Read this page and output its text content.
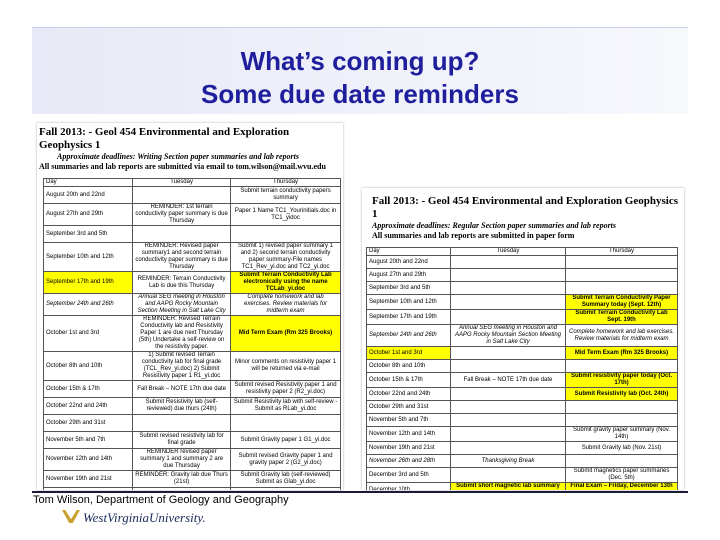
What’s coming up?
Some due date reminders
Fall 2013: - Geol 454 Environmental and Exploration Geophysics 1
Approximate deadlines: Writing Section paper summaries and lab reports
All summaries and lab reports are submitted via email to tom.wilson@mail.wvu.edu
Day	Tuesday	Thursday
August 20th and 22nd		Submit terrain conductivity papers summary
August 27th and 29th	REMINDER: 1st terrain conductivity paper summary is due Thursday	Paper 1 Name TC1_Yourinitials.doc in TC1_yidoc
September 3rd and 5th		
September 10th and 12th	REMINDER: Revised paper summary1 and second terrain conductivity paper summary is due Thursday	Submit 1) revised paper summary 1 and 2) second terrain conductivity paper summary-File names TC1_Rev_yi.doc and TC2_yi.doc
September 17th and 19th	REMINDER: Terrain Conductivity Lab is due this Thursday	Submit Terrain Conductivity Lab electronically using the name TCLab_yi.doc
September 24th and 26th	Annual SEG meeting in Houston and AAPG Rocky Mountain Section Meeting in Salt Lake City	Complete homework and lab exercises. Review materials for midterm exam
October 1st and 3rd	REMINDER: Revised Terrain Conductivity lab and Resistivity Paper 1 are due next Thursday (5th) Undertake a self-review on the resistivity paper.	Mid Term Exam (Rm 325 Brooks)
October 8th and 10th	1) Submit revised Terrain conductivity lab for final grade (TCL_Rev_yi.doc) 2) Submit Resistivity paper 1 R1_yi.doc	Minor comments on resistivity paper 1 will be returned via e-mail
October 15th & 17th	Fall Break – NOTE 17th due date	Submit revised Resistivity paper 1 and resistivity paper 2 (R2_yi.doc)
October 22nd and 24th	Submit Resistivity lab (self-reviewed) due thurs (24th)	Submit Resistivity lab with self-review - Submit as RLab_yi.doc
October 29th and 31st		
November 5th and 7th	Submit revised resistivity lab for final grade	Submit Gravity paper 1 G1_yi.doc
November 12th and 14th	REMINDER revised paper summary 1 and summary 2 are due Thursday	Submit revised Gravity paper 1 and gravity paper 2 (G2_yi.doc)
November 19th and 21st	REMINDER: Gravity lab due Thurs (21st)	Submit Gravity lab (self-reviewed) Submit as Glab_yi.doc

Fall 2013: - Geol 454 Environmental and Exploration Geophysics 1
Approximate deadlines: Regular Section paper summaries and lab reports
All summaries and lab reports are submitted in paper form
Day	Tuesday	Thursday
August 20th and 22nd		
August 27th and 29th		
September 3rd and 5th		
September 10th and 12th		Submit Terrain Conductivity Paper Summary today (Sept. 12th)
September 17th and 19th		Submit Terrain Conductivity Lab Sept. 19th
September 24th and 26th	Annual SEG meeting in Houston and AAPG Rocky Mountain Section Meeting in Salt Lake City	Complete homework and lab exercises. Review materials for midterm exam
October 1st and 3rd		Mid Term Exam (Rm 325 Brooks)
October 8th and 10th		
October 15th & 17th	Fall Break – NOTE 17th due date	Submit resistivity paper today (Oct. 17th)
October 22nd and 24th		Submit Resistivity lab (Oct. 24th)
October 29th and 31st		
November 5th and 7th		
November 12th and 14th		Submit gravity paper summary (Nov. 14th)
November 19th and 21st		Submit Gravity lab (Nov. 21st)
November 26th and 28th	Thanksgiving Break	
December 3rd and 5th		Submit magnetics paper summaries (Dec. 5th)
December 10th	Submit short magnetic lab summary	Final Exam – Friday, December 13th
Tom Wilson, Department of Geology and Geography
WestVirginiaUniversity.
